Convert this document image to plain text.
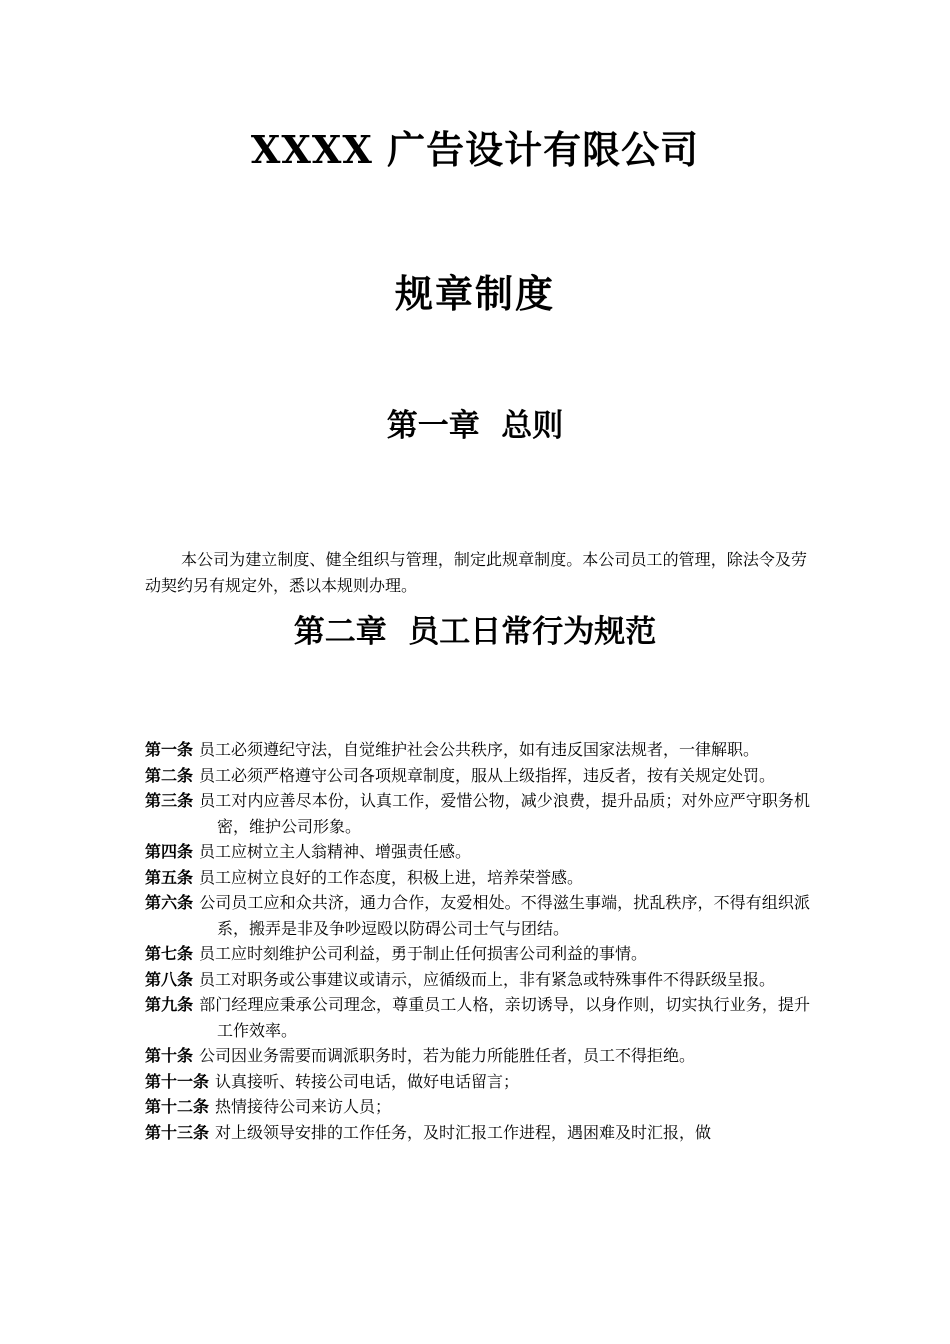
XXXX 广告设计有限公司
规章制度
第一章  总则

本公司为建立制度、健全组织与管理，制定此规章制度。本公司员工的管理，除法令及劳动契约另有规定外，悉以本规则办理。

第二章  员工日常行为规范
第一条 员工必须遵纪守法，自觉维护社会公共秩序，如有违反国家法规者，一律解职。
第二条 员工必须严格遵守公司各项规章制度，服从上级指挥，违反者，按有关规定处罚。
第三条 员工对内应善尽本份，认真工作，爱惜公物，减少浪费，提升品质；对外应严守职务机密，维护公司形象。
第四条 员工应树立主人翁精神、增强责任感。
第五条 员工应树立良好的工作态度，积极上进，培养荣誉感。
第六条 公司员工应和众共济，通力合作，友爱相处。不得滋生事端，扰乱秩序，不得有组织派系，搬弄是非及争吵逗殴以防碍公司士气与团结。
第七条 员工应时刻维护公司利益，勇于制止任何损害公司利益的事情。
第八条 员工对职务或公事建议或请示，应循级而上，非有紧急或特殊事件不得跃级呈报。
第九条 部门经理应秉承公司理念，尊重员工人格，亲切诱导，以身作则，切实执行业务，提升工作效率。
第十条 公司因业务需要而调派职务时，若为能力所能胜任者，员工不得拒绝。
第十一条 认真接听、转接公司电话，做好电话留言；
第十二条 热情接待公司来访人员；
第十三条 对上级领导安排的工作任务，及时汇报工作进程，遇困难及时汇报，做
